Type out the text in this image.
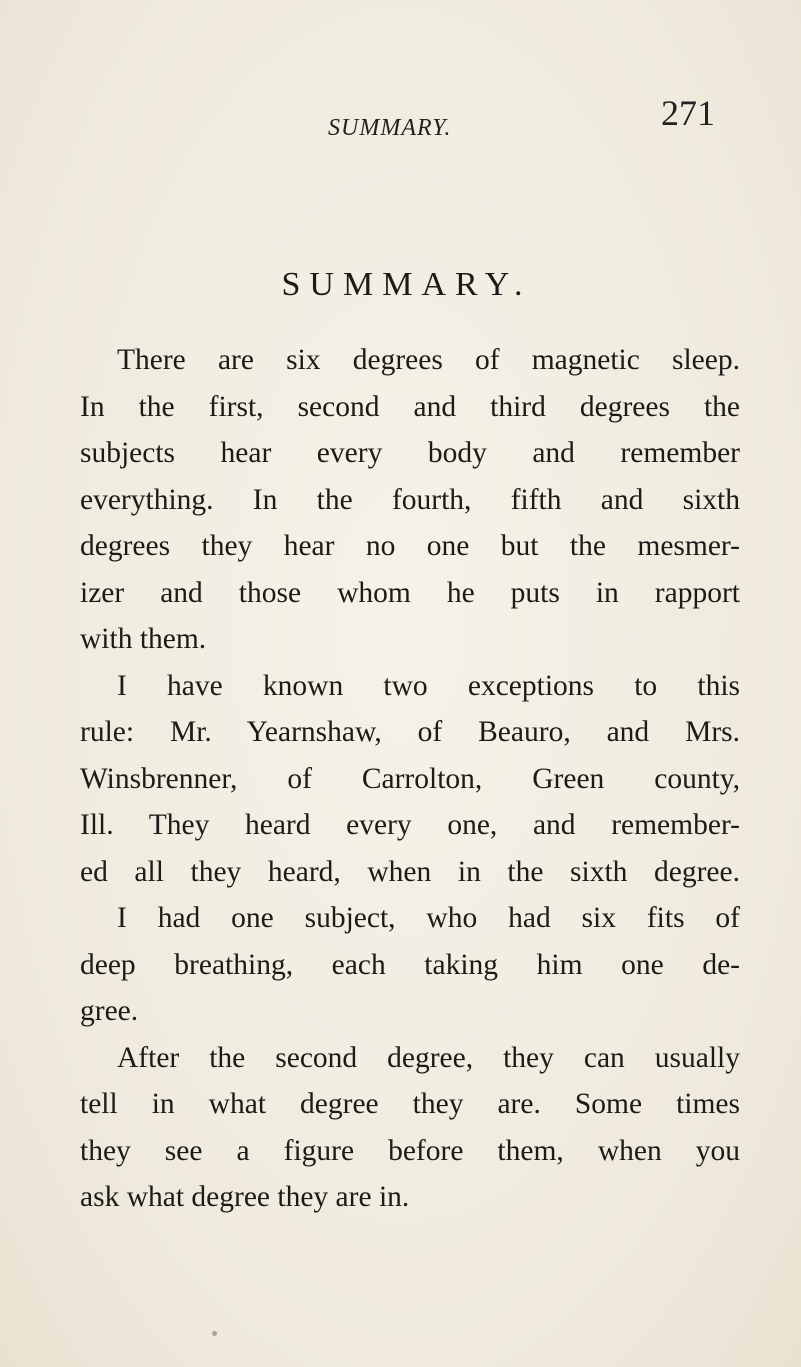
SUMMARY.	271
SUMMARY.
There are six degrees of magnetic sleep.
In the first, second and third degrees the
subjects hear every body and remember
everything. In the fourth, fifth and sixth
degrees they hear no one but the mesmer-
izer and those whom he puts in rapport
with them.
I have known two exceptions to this
rule: Mr. Yearnshaw, of Beauro, and Mrs.
Winsbrenner, of Carrolton, Green county,
Ill. They heard every one, and remember-
ed all they heard, when in the sixth degree.
I had one subject, who had six fits of
deep breathing, each taking him one de-
gree.
After the second degree, they can usually
tell in what degree they are. Some times
they see a figure before them, when you
ask what degree they are in.
